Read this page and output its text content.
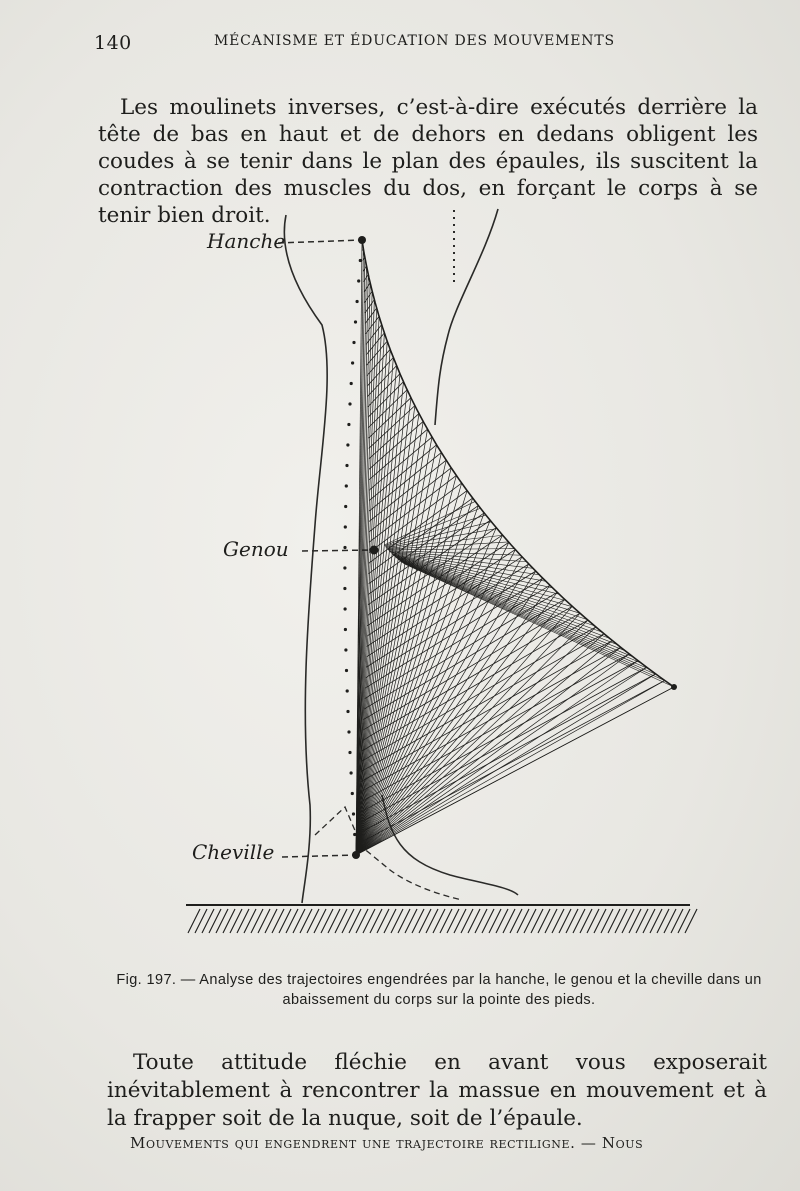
140	MÉCANISME ET ÉDUCATION DES MOUVEMENTS

Les moulinets inverses, c’est-à-dire exécutés derrière la tête de bas en haut et de dehors en dedans obligent les coudes à se tenir dans le plan des épaules, ils suscitent la contraction des muscles du dos, en forçant le corps à se tenir bien droit.

Hanche
Genou
Cheville

Fig. 197. — Analyse des trajectoires engendrées par la hanche, le genou et la cheville dans un abaissement du corps sur la pointe des pieds.

Toute attitude fléchie en avant vous exposerait inévitablement à rencontrer la massue en mouvement et à la frapper soit de la nuque, soit de l’épaule.

Mouvements qui engendrent une trajectoire rectiligne. — Nous
